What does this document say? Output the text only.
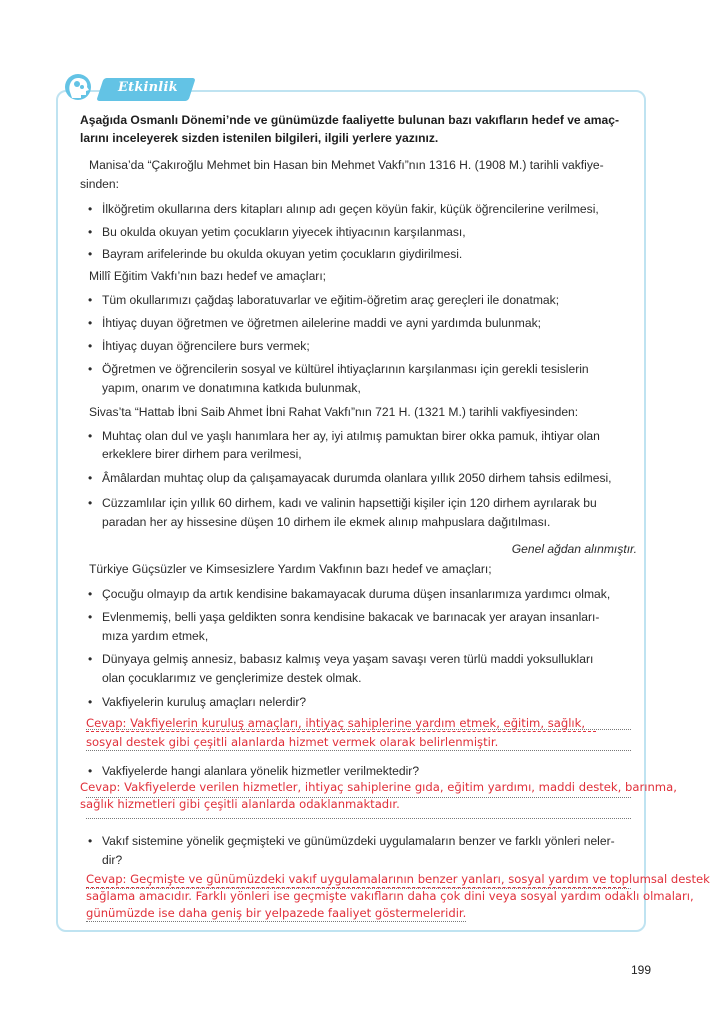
Etkinlik
Aşağıda Osmanlı Dönemi’nde ve günümüzde faaliyette bulunan bazı vakıfların hedef ve amaç-
larını inceleyerek sizden istenilen bilgileri, ilgili yerlere yazınız.
Manisa’da “Çakıroğlu Mehmet bin Hasan bin Mehmet Vakfı”nın 1316 H. (1908 M.) tarihli vakfiye-
sinden:
• İlköğretim okullarına ders kitapları alınıp adı geçen köyün fakir, küçük öğrencilerine verilmesi,
• Bu okulda okuyan yetim çocukların yiyecek ihtiyacının karşılanması,
• Bayram arifelerinde bu okulda okuyan yetim çocukların giydirilmesi.
Millî Eğitim Vakfı’nın bazı hedef ve amaçları;
• Tüm okullarımızı çağdaş laboratuvarlar ve eğitim-öğretim araç gereçleri ile donatmak;
• İhtiyaç duyan öğretmen ve öğretmen ailelerine maddi ve ayni yardımda bulunmak;
• İhtiyaç duyan öğrencilere burs vermek;
• Öğretmen ve öğrencilerin sosyal ve kültürel ihtiyaçlarının karşılanması için gerekli tesislerin
yapım, onarım ve donatımına katkıda bulunmak,
Sivas’ta “Hattab İbni Saib Ahmet İbni Rahat Vakfı”nın 721 H. (1321 M.) tarihli vakfiyesinden:
• Muhtaç olan dul ve yaşlı hanımlara her ay, iyi atılmış pamuktan birer okka pamuk, ihtiyar olan
erkeklere birer dirhem para verilmesi,
• Âmâlardan muhtaç olup da çalışamayacak durumda olanlara yıllık 2050 dirhem tahsis edilmesi,
• Cüzzamlılar için yıllık 60 dirhem, kadı ve valinin hapsettiği kişiler için 120 dirhem ayrılarak bu
paradan her ay hissesine düşen 10 dirhem ile ekmek alınıp mahpuslara dağıtılması.
Genel ağdan alınmıştır.
Türkiye Güçsüzler ve Kimsesizlere Yardım Vakfının bazı hedef ve amaçları;
• Çocuğu olmayıp da artık kendisine bakamayacak duruma düşen insanlarımıza yardımcı olmak,
• Evlenmemiş, belli yaşa geldikten sonra kendisine bakacak ve barınacak yer arayan insanları-
mıza yardım etmek,
• Dünyaya gelmiş annesiz, babasız kalmış veya yaşam savaşı veren türlü maddi yoksullukları
olan çocuklarımız ve gençlerimize destek olmak.
• Vakfiyelerin kuruluş amaçları nelerdir?
Cevap: Vakfiyelerin kuruluş amaçları, ihtiyaç sahiplerine yardım etmek, eğitim, sağlık,
sosyal destek gibi çeşitli alanlarda hizmet vermek olarak belirlenmiştir.
• Vakfiyelerde hangi alanlara yönelik hizmetler verilmektedir?
Cevap: Vakfiyelerde verilen hizmetler, ihtiyaç sahiplerine gıda, eğitim yardımı, maddi destek, barınma,
sağlık hizmetleri gibi çeşitli alanlarda odaklanmaktadır.
• Vakıf sistemine yönelik geçmişteki ve günümüzdeki uygulamaların benzer ve farklı yönleri neler-
dir?
Cevap: Geçmişte ve günümüzdeki vakıf uygulamalarının benzer yanları, sosyal yardım ve toplumsal destek
sağlama amacıdır. Farklı yönleri ise geçmişte vakıfların daha çok dini veya sosyal yardım odaklı olmaları,
günümüzde ise daha geniş bir yelpazede faaliyet göstermeleridir.
199
